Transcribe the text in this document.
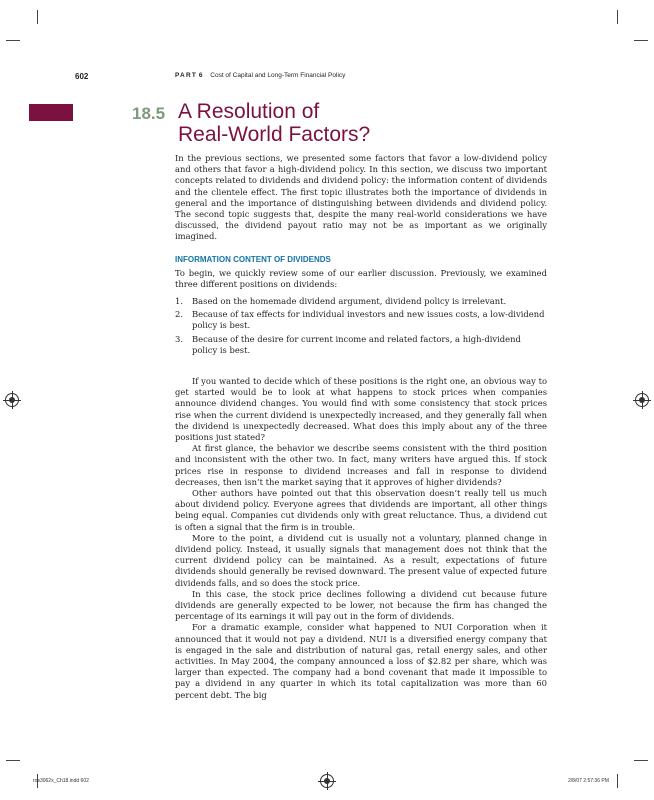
602	PART 6 Cost of Capital and Long-Term Financial Policy
18.5 A Resolution of
Real-World Factors?

In the previous sections, we presented some factors that favor a low-dividend policy and others that favor a high-dividend policy. In this section, we discuss two important concepts related to dividends and dividend policy: the information content of dividends and the clientele effect. The first topic illustrates both the importance of dividends in general and the importance of distinguishing between dividends and dividend policy. The second topic suggests that, despite the many real-world considerations we have discussed, the dividend payout ratio may not be as important as we originally imagined.

INFORMATION CONTENT OF DIVIDENDS

To begin, we quickly review some of our earlier discussion. Previously, we examined three different positions on dividends:

1. Based on the homemade dividend argument, dividend policy is irrelevant.
2. Because of tax effects for individual investors and new issues costs, a low-dividend policy is best.
3. Because of the desire for current income and related factors, a high-dividend policy is best.

If you wanted to decide which of these positions is the right one, an obvious way to get started would be to look at what happens to stock prices when companies announce dividend changes. You would find with some consistency that stock prices rise when the current dividend is unexpectedly increased, and they generally fall when the dividend is unexpectedly decreased. What does this imply about any of the three positions just stated?

At first glance, the behavior we describe seems consistent with the third position and inconsistent with the other two. In fact, many writers have argued this. If stock prices rise in response to dividend increases and fall in response to dividend decreases, then isn’t the market saying that it approves of higher dividends?

Other authors have pointed out that this observation doesn’t really tell us much about dividend policy. Everyone agrees that dividends are important, all other things being equal. Companies cut dividends only with great reluctance. Thus, a dividend cut is often a signal that the firm is in trouble.

More to the point, a dividend cut is usually not a voluntary, planned change in dividend policy. Instead, it usually signals that management does not think that the current dividend policy can be maintained. As a result, expectations of future dividends should generally be revised downward. The present value of expected future dividends falls, and so does the stock price.

In this case, the stock price declines following a dividend cut because future dividends are generally expected to be lower, not because the firm has changed the percentage of its earnings it will pay out in the form of dividends.

For a dramatic example, consider what happened to NUI Corporation when it announced that it would not pay a dividend. NUI is a diversified energy company that is engaged in the sale and distribution of natural gas, retail energy sales, and other activities. In May 2004, the company announced a loss of $2.82 per share, which was larger than expected. The company had a bond covenant that made it impossible to pay a dividend in any quarter in which its total capitalization was more than 60 percent debt. The big

ros3062x_Ch18.indd 602	2/8/07 2:57:36 PM
